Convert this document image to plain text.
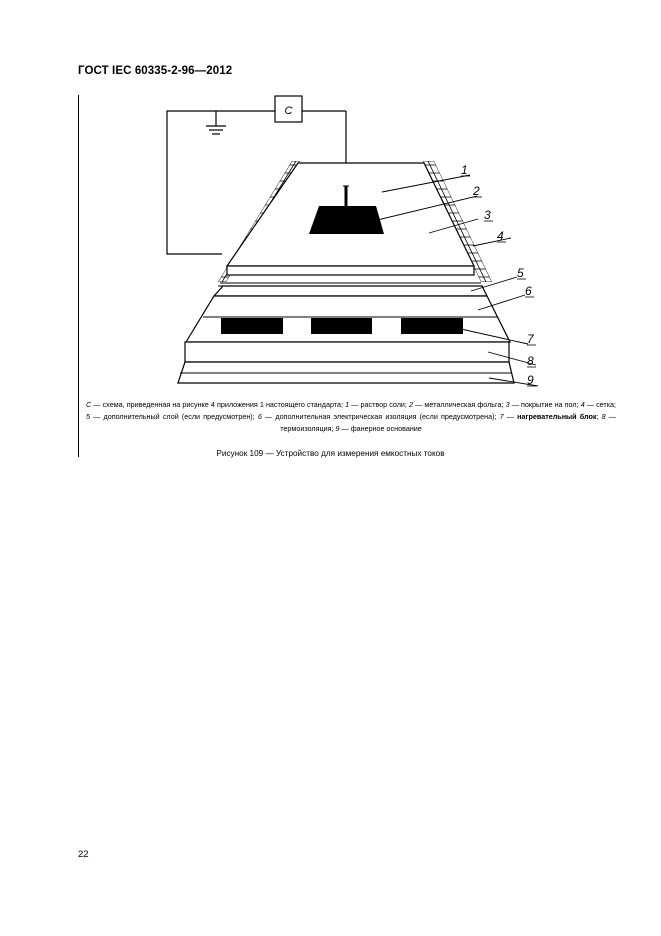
ГОСТ IEC 60335-2-96—2012
C
1
2
3
4
5
6
7
8
9
C — схема, приведенная на рисунке 4 приложения 1 настоящего стандарта; 1 — раствор соли; 2 — металлическая фольга; 3 — покрытие на пол; 4 — сетка; 5 — дополнительный слой (если предусмотрен); 6 — дополнительная электрическая изоляция (если предусмотрена); 7 — нагревательный блок; 8 — термоизоляция; 9 — фанерное основание
Рисунок 109 — Устройство для измерения емкостных токов
22
